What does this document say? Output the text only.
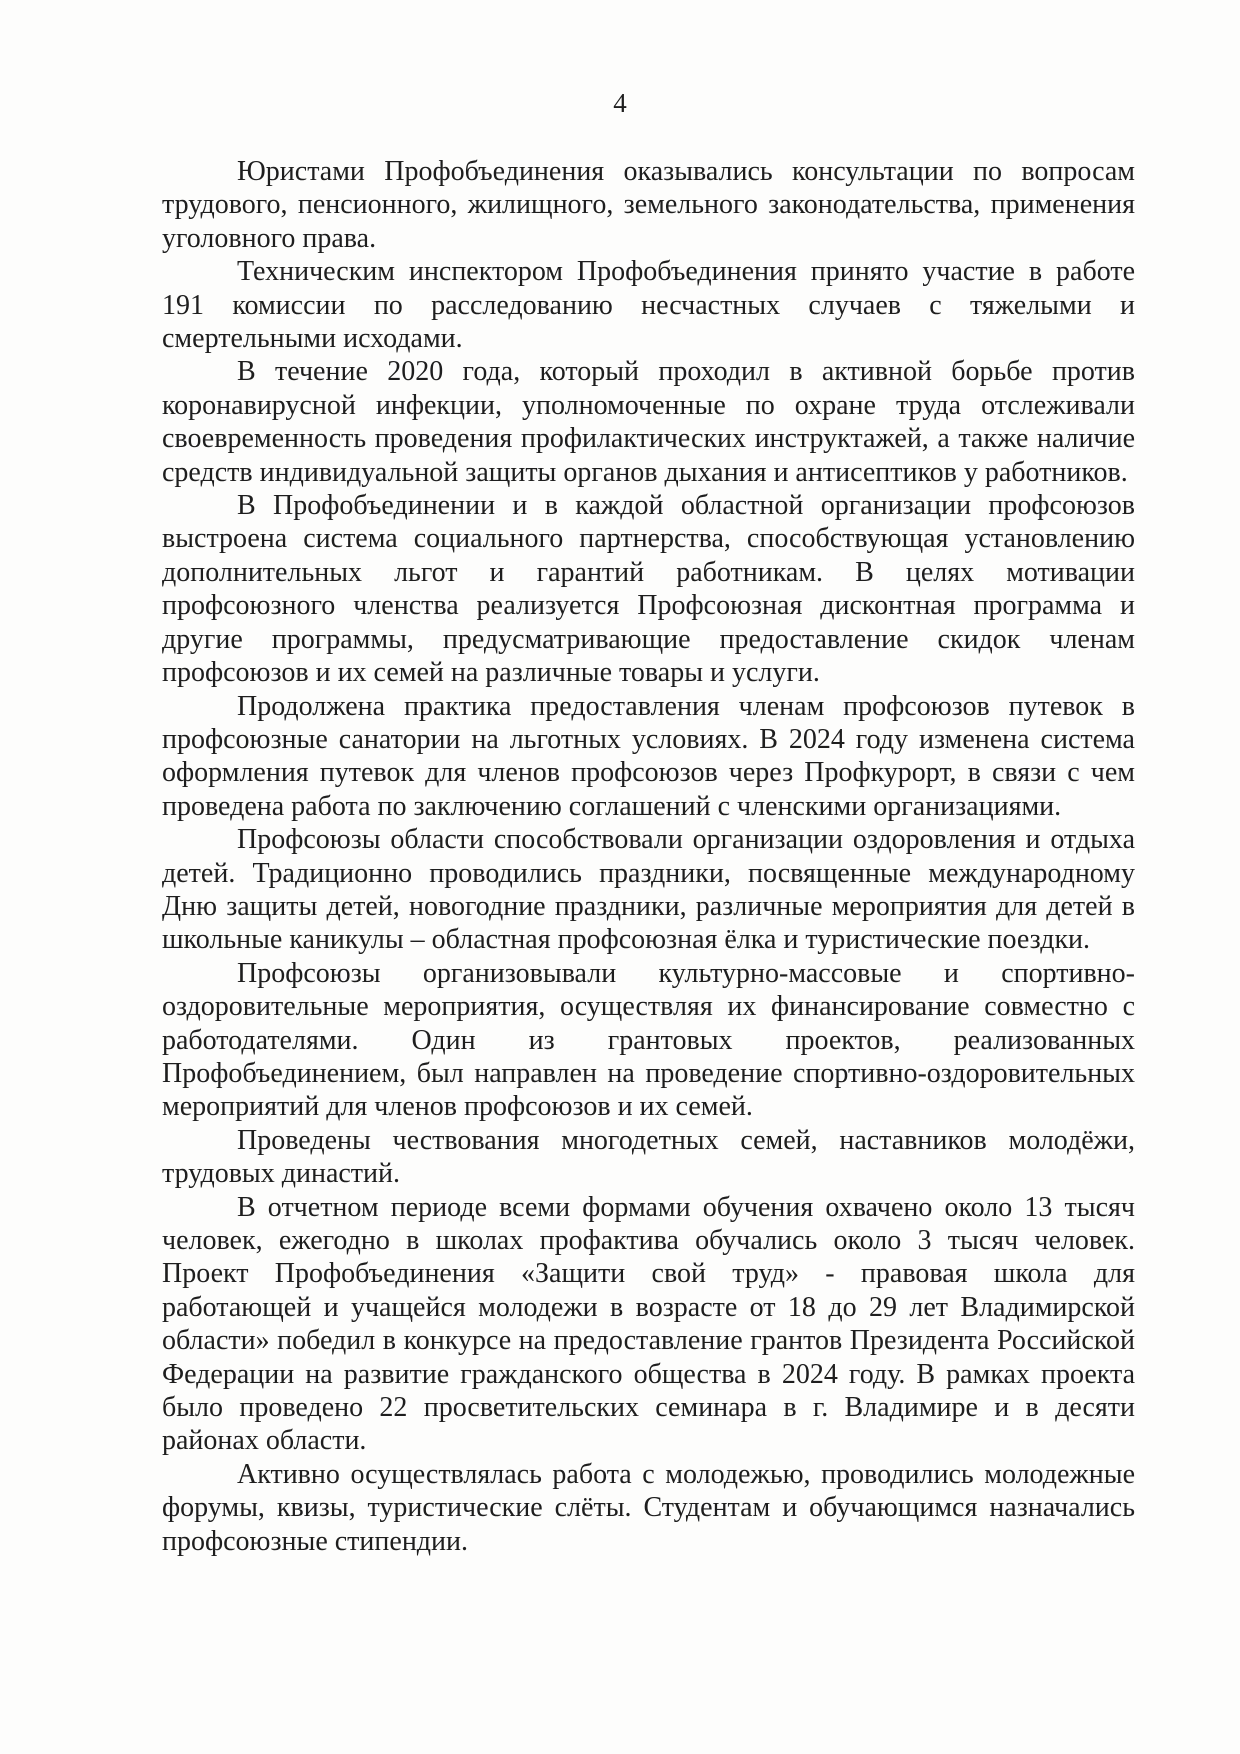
4

Юристами Профобъединения оказывались консультации по вопросам трудового, пенсионного, жилищного, земельного законодательства, применения уголовного права.

Техническим инспектором Профобъединения принято участие в работе 191 комиссии по расследованию несчастных случаев с тяжелыми и смертельными исходами.

В течение 2020 года, который проходил в активной борьбе против коронавирусной инфекции, уполномоченные по охране труда отслеживали своевременность проведения профилактических инструктажей, а также наличие средств индивидуальной защиты органов дыхания и антисептиков у работников.

В Профобъединении и в каждой областной организации профсоюзов выстроена система социального партнерства, способствующая установлению дополнительных льгот и гарантий работникам. В целях мотивации профсоюзного членства реализуется Профсоюзная дисконтная программа и другие программы, предусматривающие предоставление скидок членам профсоюзов и их семей на различные товары и услуги.

Продолжена практика предоставления членам профсоюзов путевок в профсоюзные санатории на льготных условиях. В 2024 году изменена система оформления путевок для членов профсоюзов через Профкурорт, в связи с чем проведена работа по заключению соглашений с членскими организациями.

Профсоюзы области способствовали организации оздоровления и отдыха детей. Традиционно проводились праздники, посвященные международному Дню защиты детей, новогодние праздники, различные мероприятия для детей в школьные каникулы – областная профсоюзная ёлка и туристические поездки.

Профсоюзы организовывали культурно-массовые и спортивно-оздоровительные мероприятия, осуществляя их финансирование совместно с работодателями. Один из грантовых проектов, реализованных Профобъединением, был направлен на проведение спортивно-оздоровительных мероприятий для членов профсоюзов и их семей.

Проведены чествования многодетных семей, наставников молодёжи, трудовых династий.

В отчетном периоде всеми формами обучения охвачено около 13 тысяч человек, ежегодно в школах профактива обучались около 3 тысяч человек. Проект Профобъединения «Защити свой труд» - правовая школа для работающей и учащейся молодежи в возрасте от 18 до 29 лет Владимирской области» победил в конкурсе на предоставление грантов Президента Российской Федерации на развитие гражданского общества в 2024 году. В рамках проекта было проведено 22 просветительских семинара в г. Владимире и в десяти районах области.

Активно осуществлялась работа с молодежью, проводились молодежные форумы, квизы, туристические слёты. Студентам и обучающимся назначались профсоюзные стипендии.
